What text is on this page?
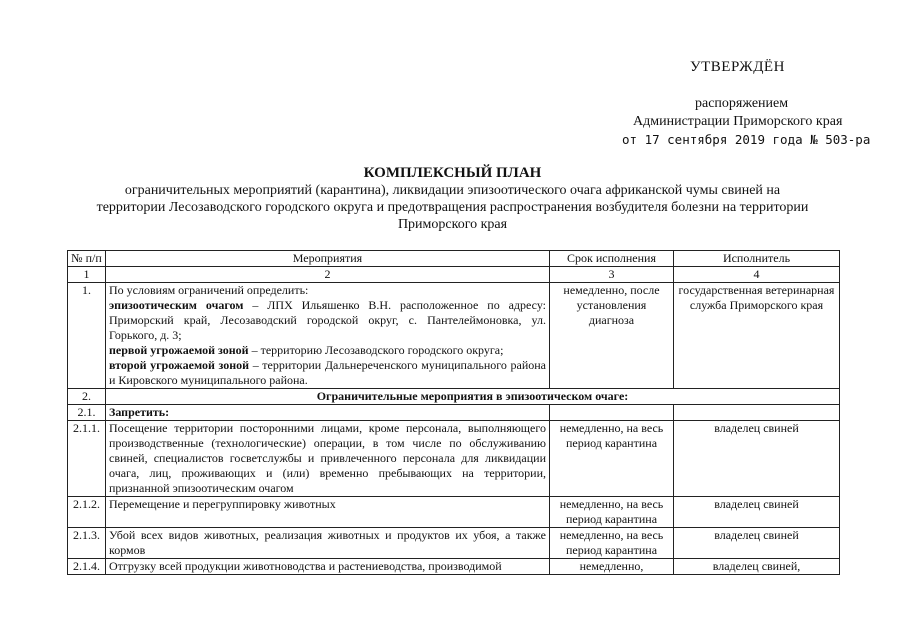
УТВЕРЖДЁН
распоряжением
Администрации Приморского края
от 17 сентября 2019 года № 503-ра
КОМПЛЕКСНЫЙ ПЛАН
ограничительных мероприятий (карантина), ликвидации эпизоотического очага африканской чумы свиней на территории Лесозаводского городского округа и предотвращения распространения возбудителя болезни на территории Приморского края
№ п/п	Мероприятия	Срок исполнения	Исполнитель
1	2	3	4
1.	По условиям ограничений определить:
эпизоотическим очагом – ЛПХ Ильяшенко В.Н. расположенное по адресу: Приморский край, Лесозаводский городской округ, с. Пантелеймоновка, ул. Горького, д. 3;
первой угрожаемой зоной – территорию Лесозаводского городского округа;
второй угрожаемой зоной – территории Дальнереченского муниципального района и Кировского муниципального района.	немедленно, после установления диагноза	государственная ветеринарная служба Приморского края
2.	Ограничительные мероприятия в эпизоотическом очаге:		
2.1.	Запретить:		
2.1.1.	Посещение территории посторонними лицами, кроме персонала, выполняющего производственные (технологические) операции, в том числе по обслуживанию свиней, специалистов госветслужбы и привлеченного персонала для ликвидации очага, лиц, проживающих и (или) временно пребывающих на территории, признанной эпизоотическим очагом	немедленно, на весь период карантина	владелец свиней
2.1.2.	Перемещение и перегруппировку животных	немедленно, на весь период карантина	владелец свиней
2.1.3.	Убой всех видов животных, реализация животных и продуктов их убоя, а также кормов	немедленно, на весь период карантина	владелец свиней
2.1.4.	Отгрузку всей продукции животноводства и растениеводства, производимой	немедленно,	владелец свиней,
